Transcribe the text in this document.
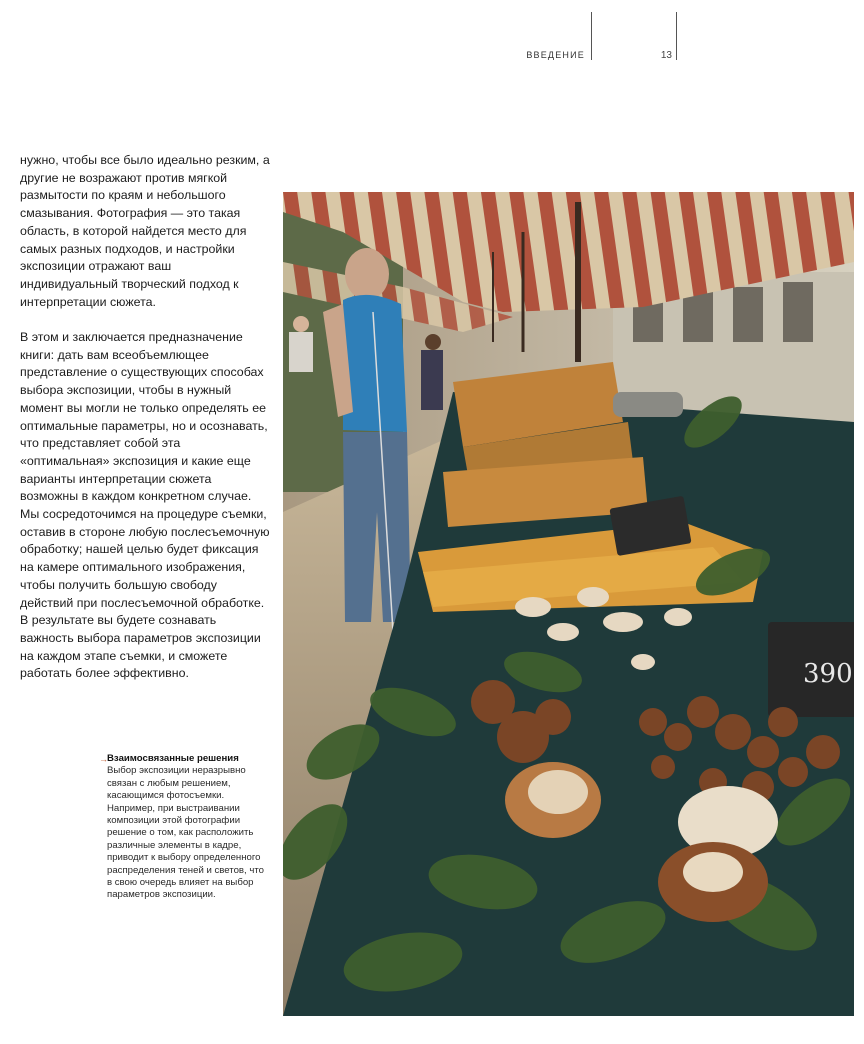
ВВЕДЕНИЕ	13

нужно, чтобы все было идеально резким, а другие не возражают против мягкой размытости по краям и небольшого смазывания. Фотография — это такая область, в которой найдется место для самых разных подходов, и настройки экспозиции отражают ваш индивидуальный творческий подход к интерпретации сюжета.

В этом и заключается предназначение книги: дать вам всеобъемлющее представление о существующих способах выбора экспозиции, чтобы в нужный момент вы могли не только определять ее оптимальные параметры, но и осознавать, что представляет собой эта «оптимальная» экспозиция и какие еще варианты интерпретации сюжета возможны в каждом конкретном случае. Мы сосредоточимся на процедуре съемки, оставив в стороне любую послесъемочную обработку; нашей целью будет фиксация на камере оптимального изображения, чтобы получить большую свободу действий при послесъемочной обработке. В результате вы будете сознавать важность выбора параметров экспозиции на каждом этапе съемки, и сможете работать более эффективно.

→ Взаимосвязанные решения

Выбор экспозиции неразрывно связан с любым решением, касающимся фотосъемки. Например, при выстраивании композиции этой фотографии решение о том, как расположить различные элементы в кадре, приводит к выбору определенного распределения теней и светов, что в свою очередь влияет на выбор параметров экспозиции.

390
